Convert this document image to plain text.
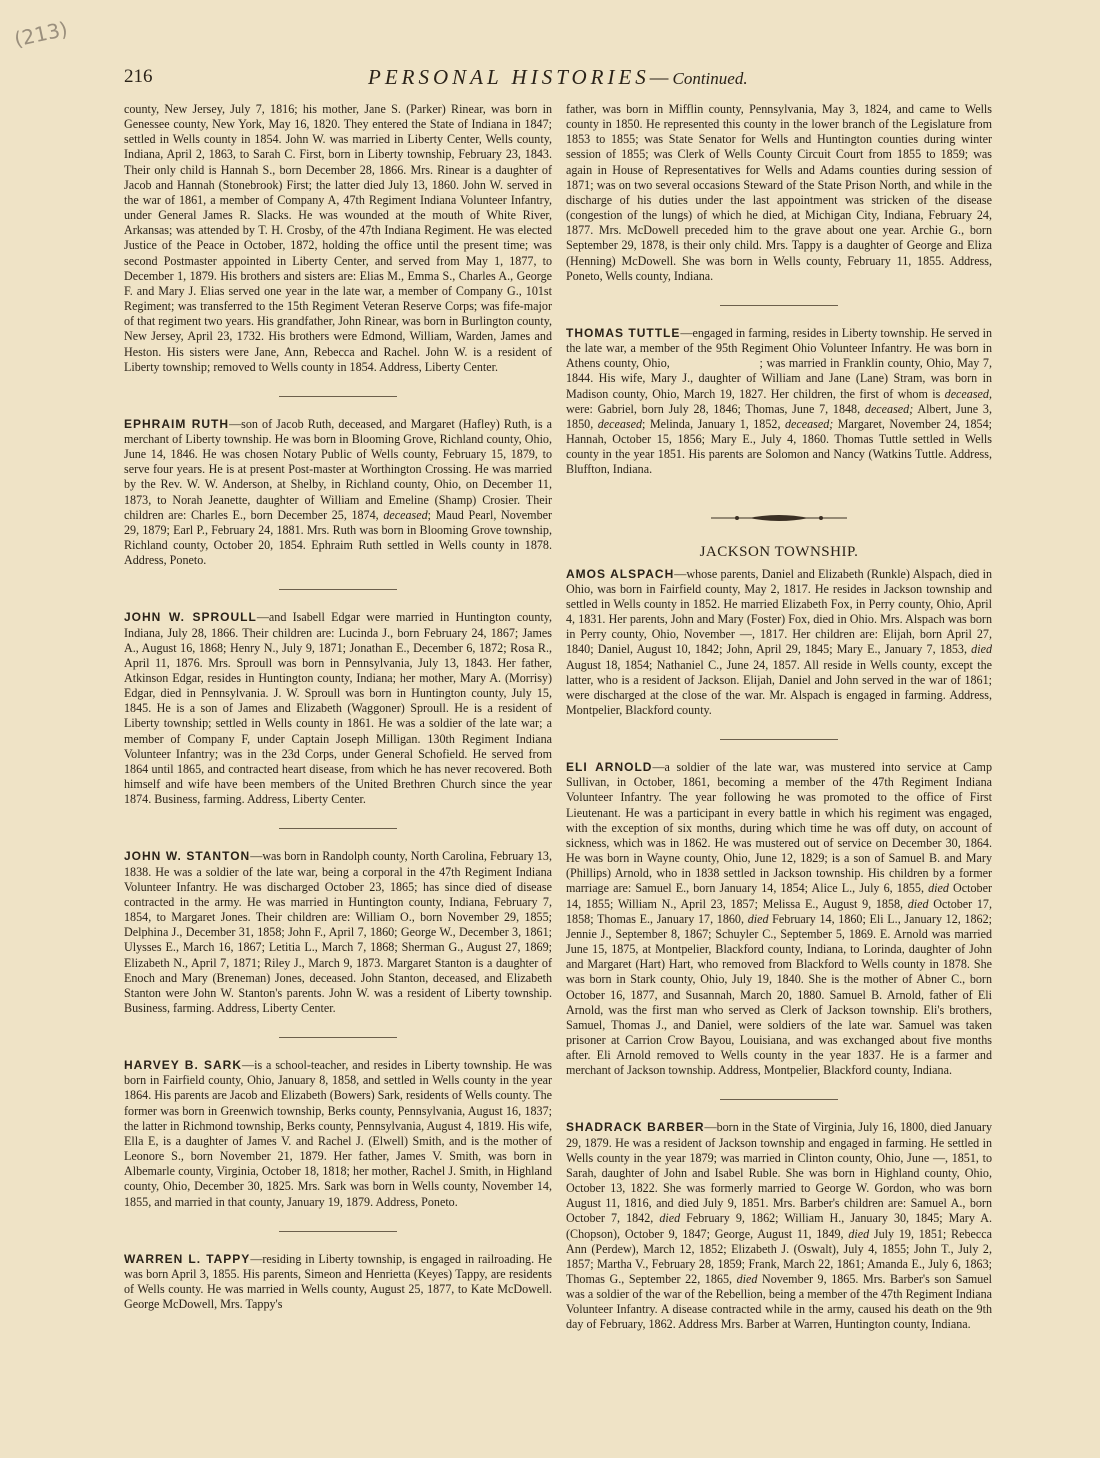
(213)
216	PERSONAL HISTORIES—Continued.

county, New Jersey, July 7, 1816; his mother, Jane S. (Parker) Rinear, was born in Genessee county, New York, May 16, 1820. They entered the State of Indiana in 1847; settled in Wells county in 1854. John W. was married in Liberty Center, Wells county, Indiana, April 2, 1863, to Sarah C. First, born in Liberty township, February 23, 1843. Their only child is Hannah S., born December 28, 1866. Mrs. Rinear is a daughter of Jacob and Hannah (Stonebrook) First; the latter died July 13, 1860. John W. served in the war of 1861, a member of Company A, 47th Regiment Indiana Volunteer Infantry, under General James R. Slacks. He was wounded at the mouth of White River, Arkansas; was attended by T. H. Crosby, of the 47th Indiana Regiment. He was elected Justice of the Peace in October, 1872, holding the office until the present time; was second Postmaster appointed in Liberty Center, and served from May 1, 1877, to December 1, 1879. His brothers and sisters are: Elias M., Emma S., Charles A., George F. and Mary J. Elias served one year in the late war, a member of Company G., 101st Regiment; was transferred to the 15th Regiment Veteran Reserve Corps; was fife-major of that regiment two years. His grandfather, John Rinear, was born in Burlington county, New Jersey, April 23, 1732. His brothers were Edmond, William, Warden, James and Heston. His sisters were Jane, Ann, Rebecca and Rachel. John W. is a resident of Liberty township; removed to Wells county in 1854. Address, Liberty Center.

EPHRAIM RUTH—son of Jacob Ruth, deceased, and Margaret (Hafley) Ruth, is a merchant of Liberty township. He was born in Blooming Grove, Richland county, Ohio, June 14, 1846. He was chosen Notary Public of Wells county, February 15, 1879, to serve four years. He is at present Post-master at Worthington Crossing. He was married by the Rev. W. W. Anderson, at Shelby, in Richland county, Ohio, on December 11, 1873, to Norah Jeanette, daughter of William and Emeline (Shamp) Crosier. Their children are: Charles E., born December 25, 1874, deceased; Maud Pearl, November 29, 1879; Earl P., February 24, 1881. Mrs. Ruth was born in Blooming Grove township, Richland county, October 20, 1854. Ephraim Ruth settled in Wells county in 1878. Address, Poneto.

JOHN W. SPROULL—and Isabell Edgar were married in Huntington county, Indiana, July 28, 1866. Their children are: Lucinda J., born February 24, 1867; James A., August 16, 1868; Henry N., July 9, 1871; Jonathan E., December 6, 1872; Rosa R., April 11, 1876. Mrs. Sproull was born in Pennsylvania, July 13, 1843. Her father, Atkinson Edgar, resides in Huntington county, Indiana; her mother, Mary A. (Morrisy) Edgar, died in Pennsylvania. J. W. Sproull was born in Huntington county, July 15, 1845. He is a son of James and Elizabeth (Waggoner) Sproull. He is a resident of Liberty township; settled in Wells county in 1861. He was a soldier of the late war; a member of Company F, under Captain Joseph Milligan. 130th Regiment Indiana Volunteer Infantry; was in the 23d Corps, under General Schofield. He served from 1864 until 1865, and contracted heart disease, from which he has never recovered. Both himself and wife have been members of the United Brethren Church since the year 1874. Business, farming. Address, Liberty Center.

JOHN W. STANTON—was born in Randolph county, North Carolina, February 13, 1838. He was a soldier of the late war, being a corporal in the 47th Regiment Indiana Volunteer Infantry. He was discharged October 23, 1865; has since died of disease contracted in the army. He was married in Huntington county, Indiana, February 7, 1854, to Margaret Jones. Their children are: William O., born November 29, 1855; Delphina J., December 31, 1858; John F., April 7, 1860; George W., December 3, 1861; Ulysses E., March 16, 1867; Letitia L., March 7, 1868; Sherman G., August 27, 1869; Elizabeth N., April 7, 1871; Riley J., March 9, 1873. Margaret Stanton is a daughter of Enoch and Mary (Breneman) Jones, deceased. John Stanton, deceased, and Elizabeth Stanton were John W. Stanton's parents. John W. was a resident of Liberty township. Business, farming. Address, Liberty Center.

HARVEY B. SARK—is a school-teacher, and resides in Liberty township. He was born in Fairfield county, Ohio, January 8, 1858, and settled in Wells county in the year 1864. His parents are Jacob and Elizabeth (Bowers) Sark, residents of Wells county. The former was born in Greenwich township, Berks county, Pennsylvania, August 16, 1837; the latter in Richmond township, Berks county, Pennsylvania, August 4, 1819. His wife, Ella E, is a daughter of James V. and Rachel J. (Elwell) Smith, and is the mother of Leonore S., born November 21, 1879. Her father, James V. Smith, was born in Albemarle county, Virginia, October 18, 1818; her mother, Rachel J. Smith, in Highland county, Ohio, December 30, 1825. Mrs. Sark was born in Wells county, November 14, 1855, and married in that county, January 19, 1879. Address, Poneto.

WARREN L. TAPPY—residing in Liberty township, is engaged in railroading. He was born April 3, 1855. His parents, Simeon and Henrietta (Keyes) Tappy, are residents of Wells county. He was married in Wells county, August 25, 1877, to Kate McDowell. George McDowell, Mrs. Tappy's

father, was born in Mifflin county, Pennsylvania, May 3, 1824, and came to Wells county in 1850. He represented this county in the lower branch of the Legislature from 1853 to 1855; was State Senator for Wells and Huntington counties during winter session of 1855; was Clerk of Wells County Circuit Court from 1855 to 1859; was again in House of Representatives for Wells and Adams counties during session of 1871; was on two several occasions Steward of the State Prison North, and while in the discharge of his duties under the last appointment was stricken of the disease (congestion of the lungs) of which he died, at Michigan City, Indiana, February 24, 1877. Mrs. McDowell preceded him to the grave about one year. Archie G., born September 29, 1878, is their only child. Mrs. Tappy is a daughter of George and Eliza (Henning) McDowell. She was born in Wells county, February 11, 1855. Address, Poneto, Wells county, Indiana.

THOMAS TUTTLE—engaged in farming, resides in Liberty township. He served in the late war, a member of the 95th Regiment Ohio Volunteer Infantry. He was born in Athens county, Ohio,                         ; was married in Franklin county, Ohio, May 7, 1844. His wife, Mary J., daughter of William and Jane (Lane) Stram, was born in Madison county, Ohio, March 19, 1827. Her children, the first of whom is deceased, were: Gabriel, born July 28, 1846; Thomas, June 7, 1848, deceased; Albert, June 3, 1850, deceased; Melinda, January 1, 1852, deceased; Margaret, November 24, 1854; Hannah, October 15, 1856; Mary E., July 4, 1860. Thomas Tuttle settled in Wells county in the year 1851. His parents are Solomon and Nancy (Watkins Tuttle. Address, Bluffton, Indiana.

JACKSON TOWNSHIP.

AMOS ALSPACH—whose parents, Daniel and Elizabeth (Runkle) Alspach, died in Ohio, was born in Fairfield county, May 2, 1817. He resides in Jackson township and settled in Wells county in 1852. He married Elizabeth Fox, in Perry county, Ohio, April 4, 1831. Her parents, John and Mary (Foster) Fox, died in Ohio. Mrs. Alspach was born in Perry county, Ohio, November —, 1817. Her children are: Elijah, born April 27, 1840; Daniel, August 10, 1842; John, April 29, 1845; Mary E., January 7, 1853, died August 18, 1854; Nathaniel C., June 24, 1857. All reside in Wells county, except the latter, who is a resident of Jackson. Elijah, Daniel and John served in the war of 1861; were discharged at the close of the war. Mr. Alspach is engaged in farming. Address, Montpelier, Blackford county.

ELI ARNOLD—a soldier of the late war, was mustered into service at Camp Sullivan, in October, 1861, becoming a member of the 47th Regiment Indiana Volunteer Infantry. The year following he was promoted to the office of First Lieutenant. He was a participant in every battle in which his regiment was engaged, with the exception of six months, during which time he was off duty, on account of sickness, which was in 1862. He was mustered out of service on December 30, 1864. He was born in Wayne county, Ohio, June 12, 1829; is a son of Samuel B. and Mary (Phillips) Arnold, who in 1838 settled in Jackson township. His children by a former marriage are: Samuel E., born January 14, 1854; Alice L., July 6, 1855, died October 14, 1855; William N., April 23, 1857; Melissa E., August 9, 1858, died October 17, 1858; Thomas E., January 17, 1860, died February 14, 1860; Eli L., January 12, 1862; Jennie J., September 8, 1867; Schuyler C., September 5, 1869. E. Arnold was married June 15, 1875, at Montpelier, Blackford county, Indiana, to Lorinda, daughter of John and Margaret (Hart) Hart, who removed from Blackford to Wells county in 1878. She was born in Stark county, Ohio, July 19, 1840. She is the mother of Abner C., born October 16, 1877, and Susannah, March 20, 1880. Samuel B. Arnold, father of Eli Arnold, was the first man who served as Clerk of Jackson township. Eli's brothers, Samuel, Thomas J., and Daniel, were soldiers of the late war. Samuel was taken prisoner at Carrion Crow Bayou, Louisiana, and was exchanged about five months after. Eli Arnold removed to Wells county in the year 1837. He is a farmer and merchant of Jackson township. Address, Montpelier, Blackford county, Indiana.

SHADRACK BARBER—born in the State of Virginia, July 16, 1800, died January 29, 1879. He was a resident of Jackson township and engaged in farming. He settled in Wells county in the year 1879; was married in Clinton county, Ohio, June —, 1851, to Sarah, daughter of John and Isabel Ruble. She was born in Highland county, Ohio, October 13, 1822. She was formerly married to George W. Gordon, who was born August 11, 1816, and died July 9, 1851. Mrs. Barber's children are: Samuel A., born October 7, 1842, died February 9, 1862; William H., January 30, 1845; Mary A. (Chopson), October 9, 1847; George, August 11, 1849, died July 19, 1851; Rebecca Ann (Perdew), March 12, 1852; Elizabeth J. (Oswalt), July 4, 1855; John T., July 2, 1857; Martha V., February 28, 1859; Frank, March 22, 1861; Amanda E., July 6, 1863; Thomas G., September 22, 1865, died November 9, 1865. Mrs. Barber's son Samuel was a soldier of the war of the Rebellion, being a member of the 47th Regiment Indiana Volunteer Infantry. A disease contracted while in the army, caused his death on the 9th day of February, 1862. Address Mrs. Barber at Warren, Huntington county, Indiana.
